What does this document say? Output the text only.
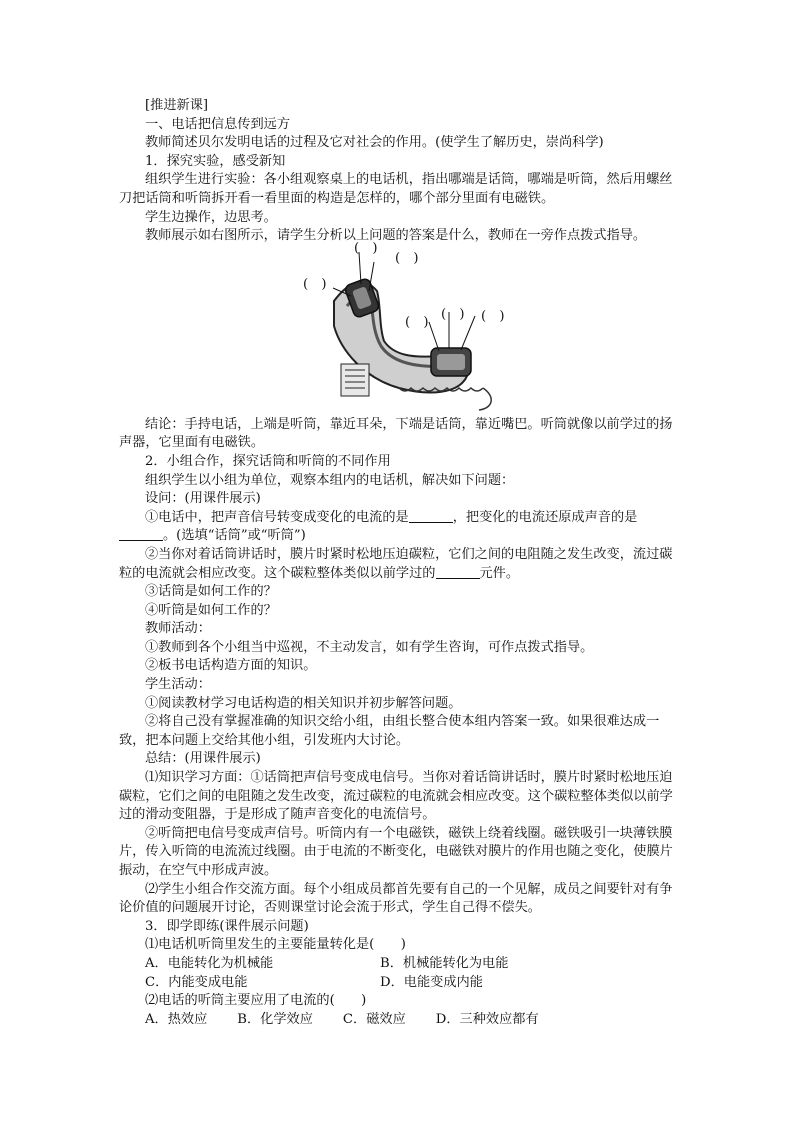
[推进新课]

一、电话把信息传到远方

教师简述贝尔发明电话的过程及它对社会的作用。(使学生了解历史，崇尚科学)

1．探究实验，感受新知

组织学生进行实验：各小组观察桌上的电话机，指出哪端是话筒，哪端是听筒，然后用螺丝刀把话筒和听筒拆开看一看里面的构造是怎样的，哪个部分里面有电磁铁。

学生边操作，边思考。

教师展示如右图所示，请学生分析以上问题的答案是什么，教师在一旁作点拨式指导。

(　)
(　)
(　)
(　)
(　) (　)

结论：手持电话，上端是听筒，靠近耳朵，下端是话筒，靠近嘴巴。听筒就像以前学过的扬声器，它里面有电磁铁。

2．小组合作，探究话筒和听筒的不同作用

组织学生以小组为单位，观察本组内的电话机，解决如下问题：

设问：(用课件展示)

①电话中，把声音信号转变成变化的电流的是	，把变化的电流还原成声音的是。(选填“话筒”或“听筒”)

②当你对着话筒讲话时，膜片时紧时松地压迫碳粒，它们之间的电阻随之发生改变，流过碳粒的电流就会相应改变。这个碳粒整体类似以前学过的	元件。

③话筒是如何工作的？

④听筒是如何工作的？

教师活动：

①教师到各个小组当中巡视，不主动发言，如有学生咨询，可作点拨式指导。

②板书电话构造方面的知识。

学生活动：

①阅读教材学习电话构造的相关知识并初步解答问题。

②将自己没有掌握准确的知识交给小组，由组长整合使本组内答案一致。如果很难达成一致，把本问题上交给其他小组，引发班内大讨论。

总结：(用课件展示)

⑴知识学习方面：①话筒把声信号变成电信号。当你对着话筒讲话时，膜片时紧时松地压迫碳粒，它们之间的电阻随之发生改变，流过碳粒的电流就会相应改变。这个碳粒整体类似以前学过的滑动变阻器，于是形成了随声音变化的电流信号。

②听筒把电信号变成声信号。听筒内有一个电磁铁，磁铁上绕着线圈。磁铁吸引一块薄铁膜片，传入听筒的电流流过线圈。由于电流的不断变化，电磁铁对膜片的作用也随之变化，使膜片振动，在空气中形成声波。

⑵学生小组合作交流方面。每个小组成员都首先要有自己的一个见解，成员之间要针对有争论价值的问题展开讨论，否则课堂讨论会流于形式，学生自己得不偿失。

3．即学即练(课件展示问题)

⑴电话机听筒里发生的主要能量转化是(　　)

A．电能转化为机械能	B．机械能转化为电能
C．内能变成电能	D．电能变成内能

⑵电话的听筒主要应用了电流的(　　)

A．热效应 B．化学效应 C．磁效应 D．三种效应都有
